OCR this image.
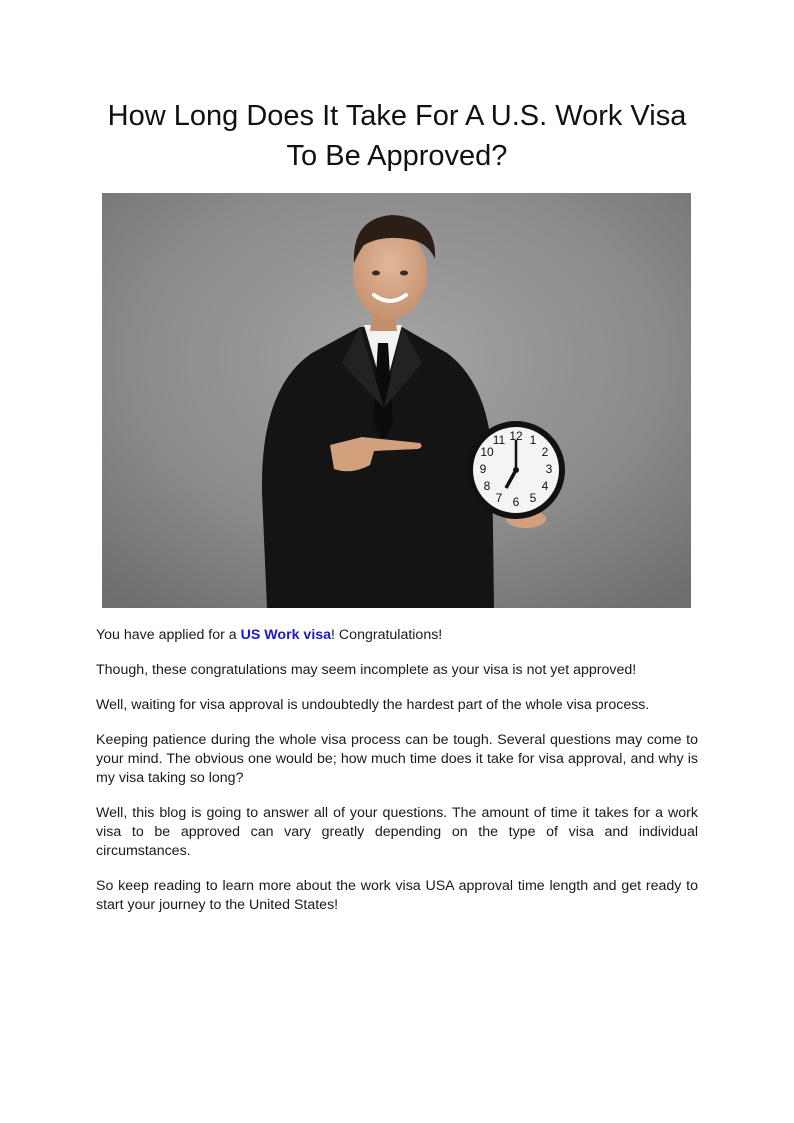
How Long Does It Take For A U.S. Work Visa
To Be Approved?
12 1
2
3
4
5
6
7
8
9
10
11

You have applied for a US Work visa! Congratulations!

Though, these congratulations may seem incomplete as your visa is not yet approved!

Well, waiting for visa approval is undoubtedly the hardest part of the whole visa process.

Keeping patience during the whole visa process can be tough. Several questions may come to your mind. The obvious one would be; how much time does it take for visa approval, and why is my visa taking so long?

Well, this blog is going to answer all of your questions. The amount of time it takes for a work visa to be approved can vary greatly depending on the type of visa and individual circumstances.

So keep reading to learn more about the work visa USA approval time length and get ready to start your journey to the United States!
